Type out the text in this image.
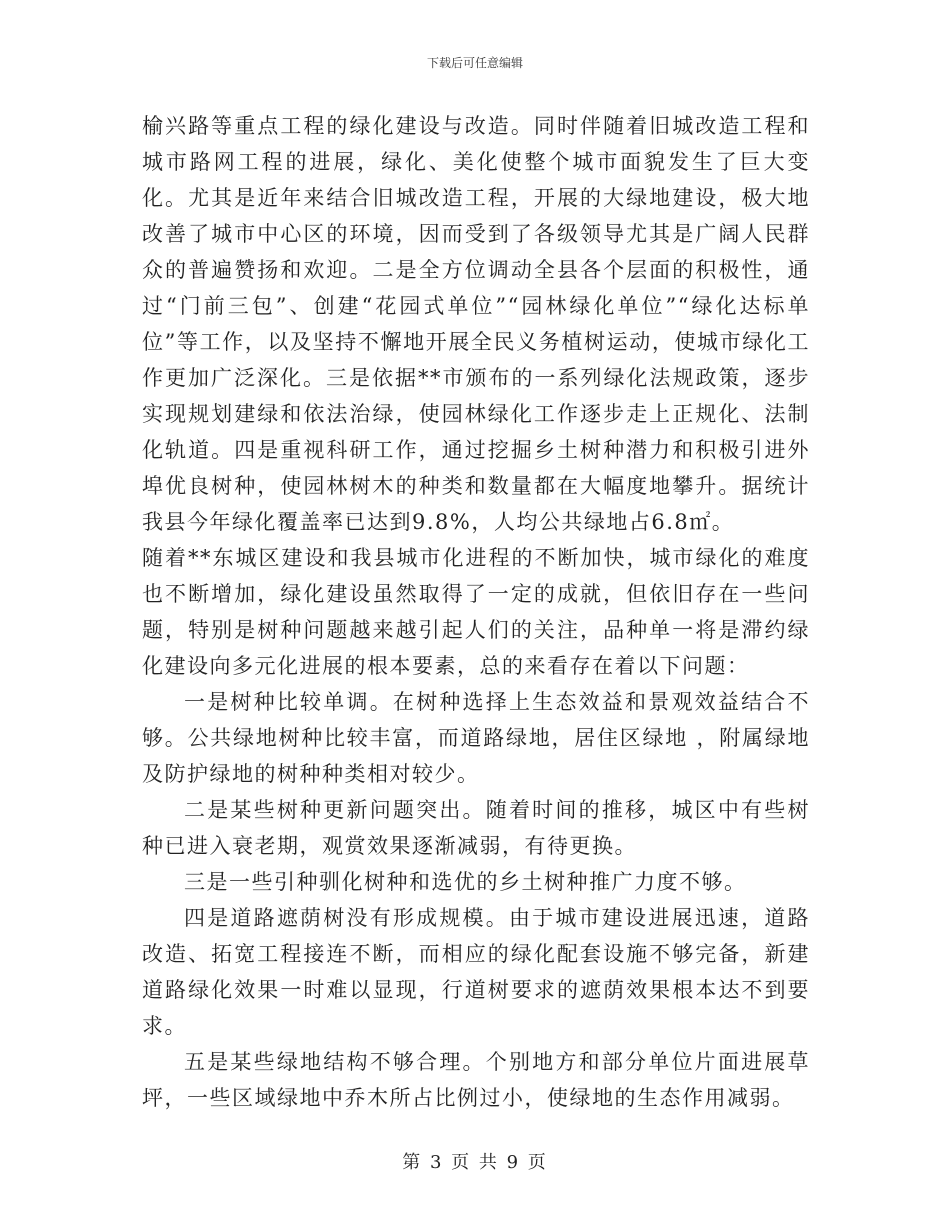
下载后可任意编辑

榆兴路等重点工程的绿化建设与改造。同时伴随着旧城改造工程和城市路网工程的进展，绿化、美化使整个城市面貌发生了巨大变化。尤其是近年来结合旧城改造工程，开展的大绿地建设，极大地改善了城市中心区的环境，因而受到了各级领导尤其是广阔人民群众的普遍赞扬和欢迎。二是全方位调动全县各个层面的积极性，通过“门前三包”、创建“花园式单位”“园林绿化单位”“绿化达标单位”等工作，以及坚持不懈地开展全民义务植树运动，使城市绿化工作更加广泛深化。三是依据**市颁布的一系列绿化法规政策，逐步实现规划建绿和依法治绿，使园林绿化工作逐步走上正规化、法制化轨道。四是重视科研工作，通过挖掘乡土树种潜力和积极引进外埠优良树种，使园林树木的种类和数量都在大幅度地攀升。据统计我县今年绿化覆盖率已达到9.8%，人均公共绿地占6.8㎡。

随着**东城区建设和我县城市化进程的不断加快，城市绿化的难度也不断增加，绿化建设虽然取得了一定的成就，但依旧存在一些问题，特别是树种问题越来越引起人们的关注，品种单一将是滞约绿化建设向多元化进展的根本要素，总的来看存在着以下问题：

一是树种比较单调。在树种选择上生态效益和景观效益结合不够。公共绿地树种比较丰富，而道路绿地，居住区绿地 ，附属绿地及防护绿地的树种种类相对较少。

二是某些树种更新问题突出。随着时间的推移，城区中有些树种已进入衰老期，观赏效果逐渐减弱，有待更换。

三是一些引种驯化树种和选优的乡土树种推广力度不够。

四是道路遮荫树没有形成规模。由于城市建设进展迅速，道路改造、拓宽工程接连不断，而相应的绿化配套设施不够完备，新建道路绿化效果一时难以显现，行道树要求的遮荫效果根本达不到要求。

五是某些绿地结构不够合理。个别地方和部分单位片面进展草坪，一些区域绿地中乔木所占比例过小，使绿地的生态作用减弱。

第 3 页 共 9 页
